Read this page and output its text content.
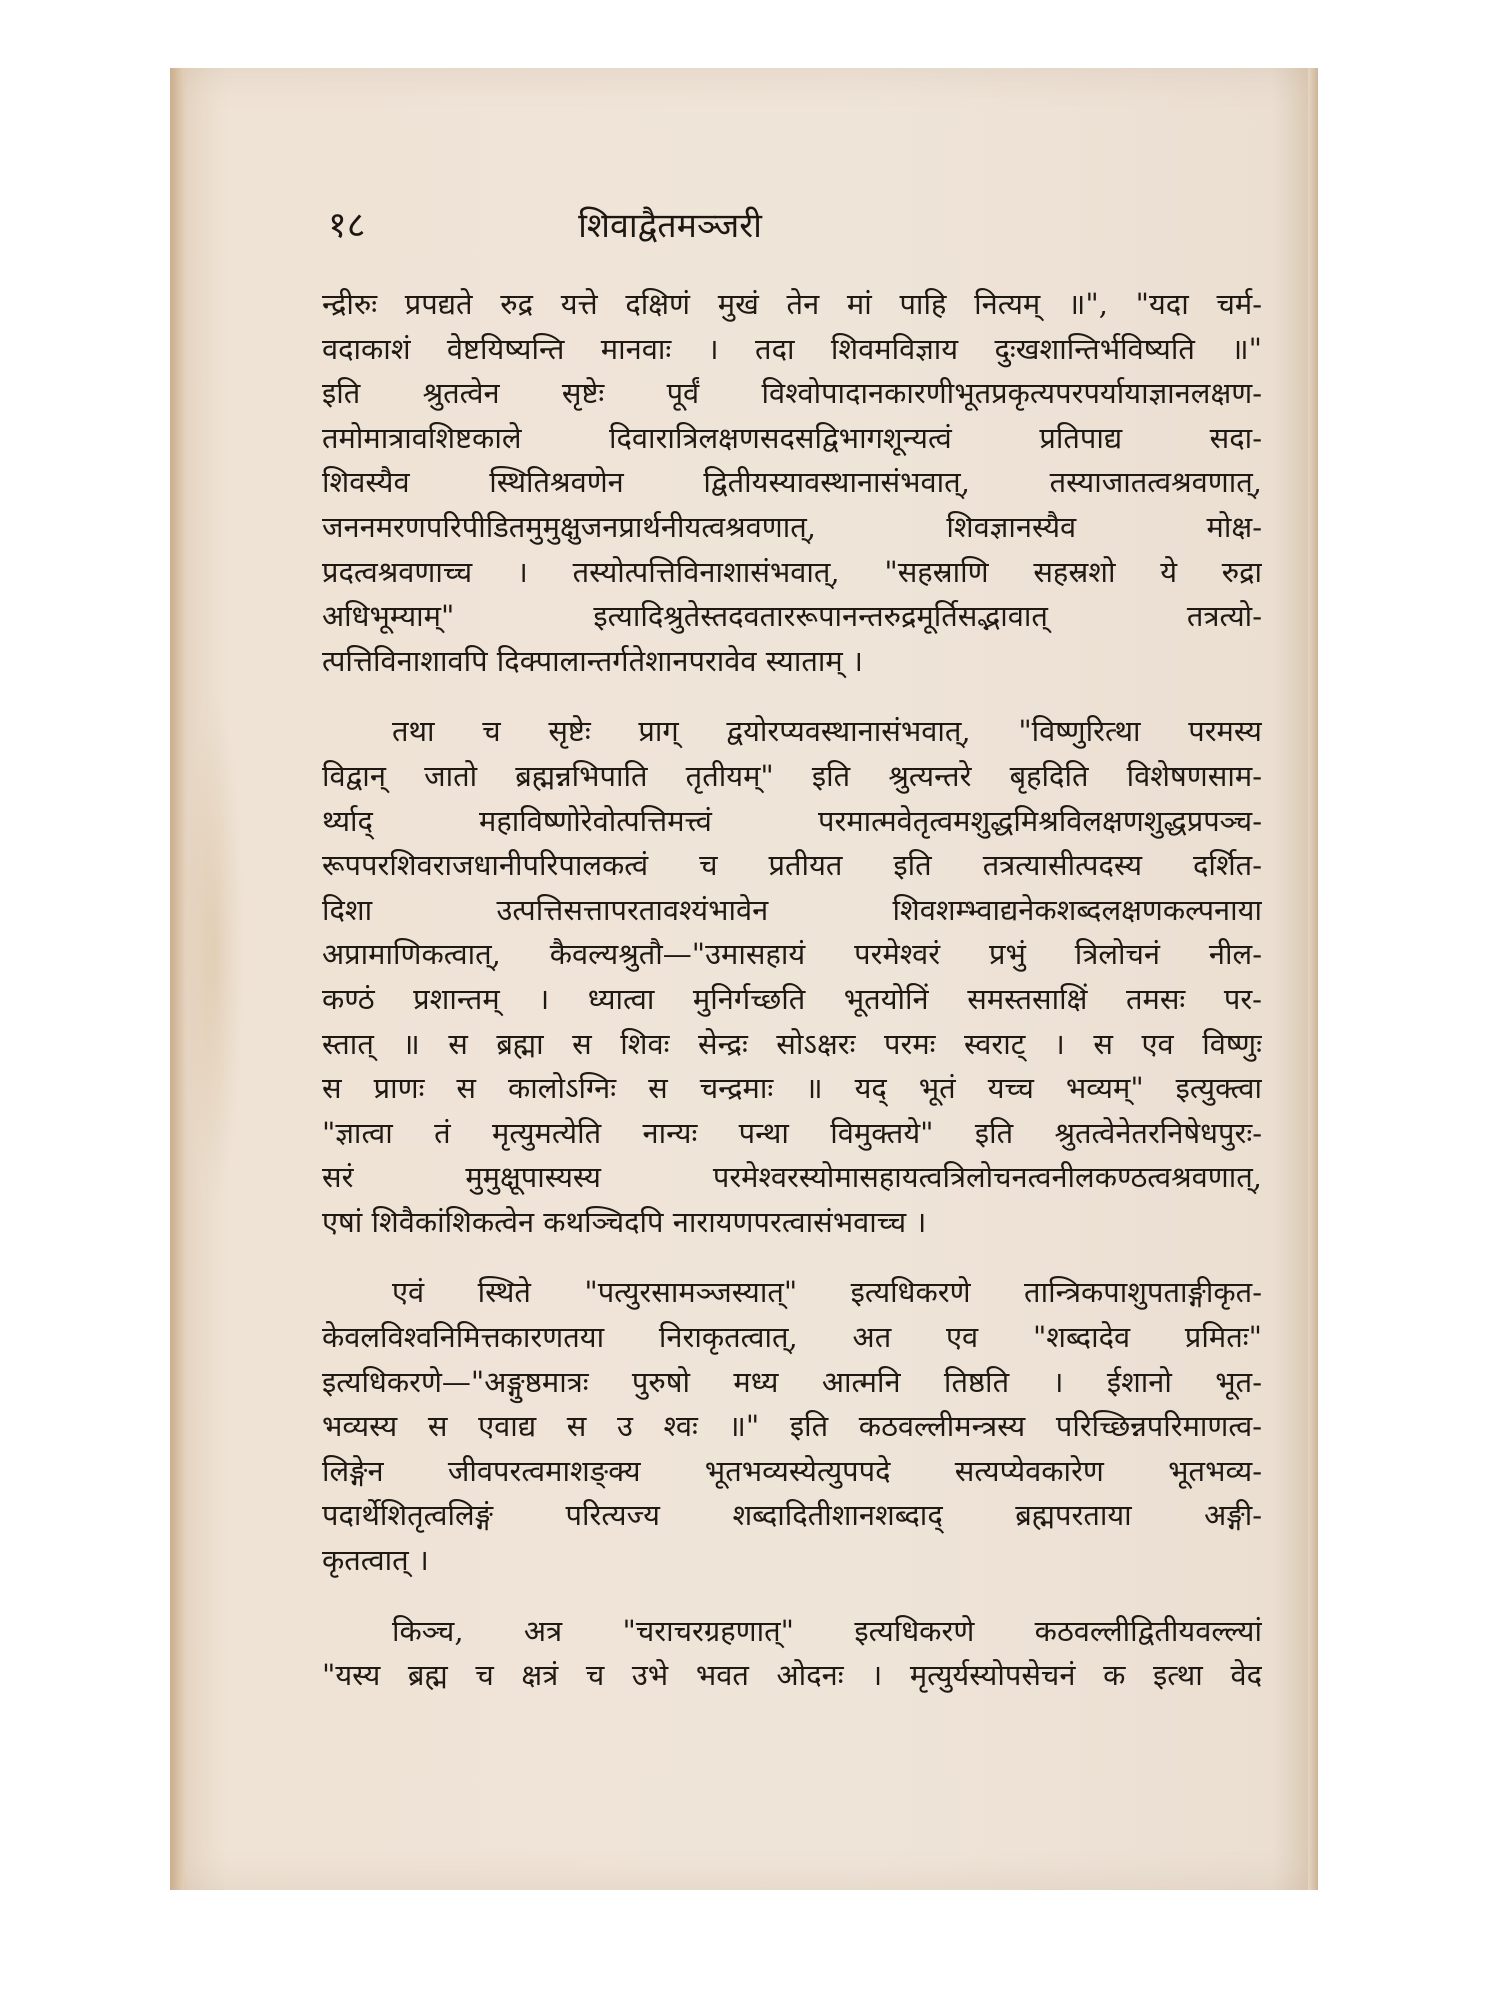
१८	शिवाद्वैतमञ्जरी
न्द्रीरुः प्रपद्यते रुद्र यत्ते दक्षिणं मुखं तेन मां पाहि नित्यम् ॥", "यदा चर्म-
वदाकाशं वेष्टयिष्यन्ति मानवाः । तदा शिवमविज्ञाय दुःखशान्तिर्भविष्यति ॥"
इति श्रुतत्वेन सृष्टेः पूर्वं विश्वोपादानकारणीभूतप्रकृत्यपरपर्यायाज्ञानलक्षण-
तमोमात्रावशिष्टकाले दिवारात्रिलक्षणसदसद्विभागशून्यत्वं प्रतिपाद्य सदा-
शिवस्यैव स्थितिश्रवणेन द्वितीयस्यावस्थानासंभवात्, तस्याजातत्वश्रवणात्,
जननमरणपरिपीडितमुमुक्षुजनप्रार्थनीयत्वश्रवणात्, शिवज्ञानस्यैव मोक्ष-
प्रदत्वश्रवणाच्च । तस्योत्पत्तिविनाशासंभवात्, "सहस्राणि सहस्रशो ये रुद्रा
अधिभूम्याम्" इत्यादिश्रुतेस्तदवताररूपानन्तरुद्रमूर्तिसद्भावात् तत्रत्यो-
त्पत्तिविनाशावपि दिक्पालान्तर्गतेशानपरावेव स्याताम् ।
तथा च सृष्टेः प्राग् द्वयोरप्यवस्थानासंभवात्, "विष्णुरित्था परमस्य
विद्वान् जातो ब्रह्मन्नभिपाति तृतीयम्" इति श्रुत्यन्तरे बृहदिति विशेषणसाम-
र्थ्याद् महाविष्णोरेवोत्पत्तिमत्त्वं परमात्मवेतृत्वमशुद्धमिश्रविलक्षणशुद्धप्रपञ्च-
रूपपरशिवराजधानीपरिपालकत्वं च प्रतीयत इति तत्रत्यासीत्पदस्य दर्शित-
दिशा उत्पत्तिसत्तापरतावश्यंभावेन शिवशम्भ्वाद्यनेकशब्दलक्षणकल्पनाया
अप्रामाणिकत्वात्, कैवल्यश्रुतौ—"उमासहायं परमेश्वरं प्रभुं त्रिलोचनं नील-
कण्ठं प्रशान्तम् । ध्यात्वा मुनिर्गच्छति भूतयोनिं समस्तसाक्षिं तमसः पर-
स्तात् ॥ स ब्रह्मा स शिवः सेन्द्रः सोऽक्षरः परमः स्वराट् । स एव विष्णुः
स प्राणः स कालोऽग्निः स चन्द्रमाः ॥ यद् भूतं यच्च भव्यम्" इत्युक्त्वा
"ज्ञात्वा तं मृत्युमत्येति नान्यः पन्था विमुक्तये" इति श्रुतत्वेनेतरनिषेधपुरः-
सरं मुमुक्षूपास्यस्य परमेश्वरस्योमासहायत्वत्रिलोचनत्वनीलकण्ठत्वश्रवणात्,
एषां शिवैकांशिकत्वेन कथञ्चिदपि नारायणपरत्वासंभवाच्च ।
एवं स्थिते "पत्युरसामञ्जस्यात्" इत्यधिकरणे तान्त्रिकपाशुपताङ्गीकृत-
केवलविश्वनिमित्तकारणतया निराकृतत्वात्, अत एव "शब्दादेव प्रमितः"
इत्यधिकरणे—"अङ्गुष्ठमात्रः पुरुषो मध्य आत्मनि तिष्ठति । ईशानो भूत-
भव्यस्य स एवाद्य स उ श्वः ॥" इति कठवल्लीमन्त्रस्य परिच्छिन्नपरिमाणत्व-
लिङ्गेन जीवपरत्वमाशङ्क्य भूतभव्यस्येत्युपपदे सत्यप्येवकारेण भूतभव्य-
पदार्थेशितृत्वलिङ्गं परित्यज्य शब्दादितीशानशब्दाद् ब्रह्मपरताया अङ्गी-
कृतत्वात् ।
किञ्च, अत्र "चराचरग्रहणात्" इत्यधिकरणे कठवल्लीद्वितीयवल्ल्यां
"यस्य ब्रह्म च क्षत्रं च उभे भवत ओदनः । मृत्युर्यस्योपसेचनं क इत्था वेद
